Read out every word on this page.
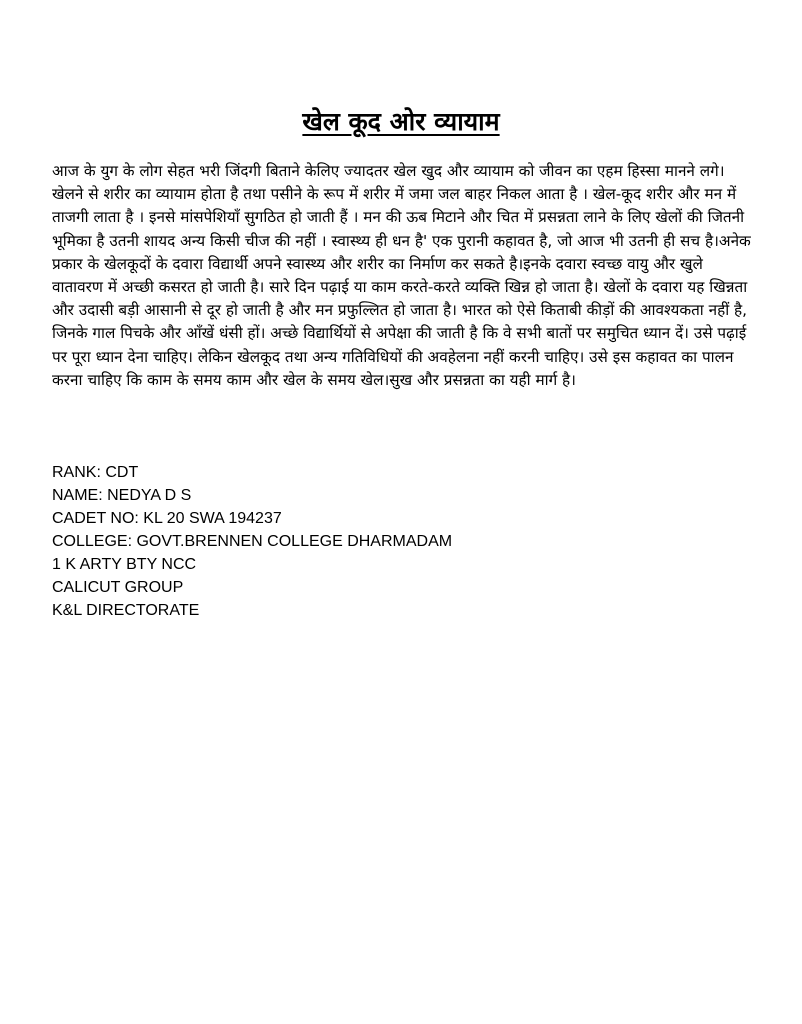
खेल कूद ओर व्यायाम

आज के युग के लोग सेहत भरी जिंदगी बिताने केलिए ज्यादतर खेल खुद और व्यायाम को जीवन का एहम हिस्सा मानने लगे। खेलने से शरीर का व्यायाम होता है तथा पसीने के रूप में शरीर में जमा जल बाहर निकल आता है । खेल-कूद शरीर और मन में ताजगी लाता है । इनसे मांसपेशियाँ सुगठित हो जाती हैं । मन की ऊब मिटाने और चित में प्रसन्नता लाने के लिए खेलों की जितनी भूमिका है उतनी शायद अन्य किसी चीज की नहीं । स्वास्थ्य ही धन है' एक पुरानी कहावत है, जो आज भी उतनी ही सच है।अनेक प्रकार के खेलकूदों के दवारा विद्यार्थी अपने स्वास्थ्य और शरीर का निर्माण कर सकते है।इनके दवारा स्वच्छ वायु और खुले वातावरण में अच्छी कसरत हो जाती है। सारे दिन पढ़ाई या काम करते-करते व्यक्ति खिन्न हो जाता है। खेलों के दवारा यह खिन्नता और उदासी बड़ी आसानी से दूर हो जाती है और मन प्रफुल्लित हो जाता है। भारत को ऐसे किताबी कीड़ों की आवश्यकता नहीं है, जिनके गाल पिचके और आँखें धंसी हों। अच्छे विद्यार्थियों से अपेक्षा की जाती है कि वे सभी बातों पर समुचित ध्यान दें। उसे पढ़ाई पर पूरा ध्यान देना चाहिए। लेकिन खेलकूद तथा अन्य गतिविधियों की अवहेलना नहीं करनी चाहिए। उसे इस कहावत का पालन करना चाहिए कि काम के समय काम और खेल के समय खेल।सुख और प्रसन्नता का यही मार्ग है।

RANK: CDT
NAME: NEDYA D S
CADET NO: KL 20 SWA 194237
COLLEGE: GOVT.BRENNEN COLLEGE DHARMADAM
1 K ARTY BTY NCC
CALICUT GROUP
K&L DIRECTORATE
